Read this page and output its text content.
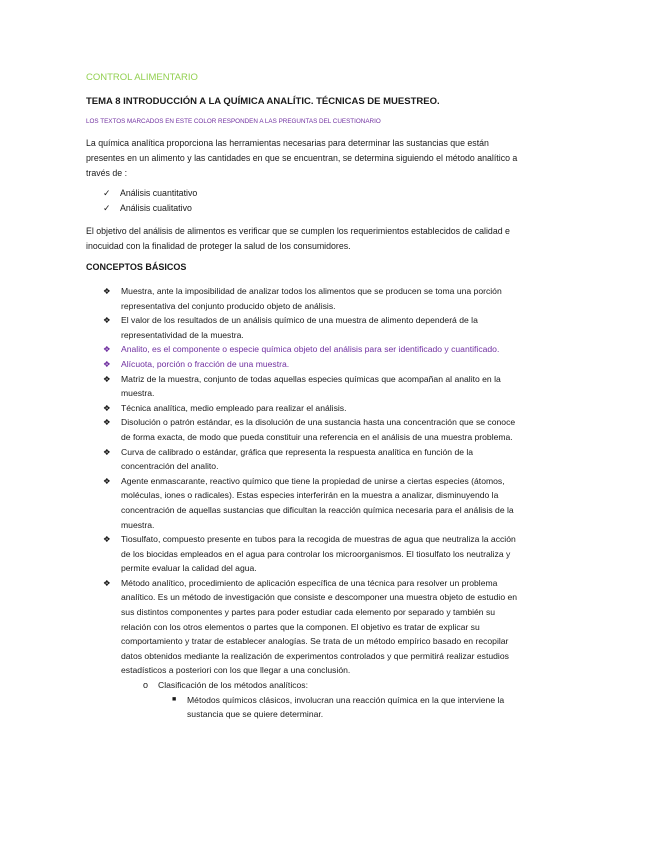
CONTROL ALIMENTARIO
TEMA 8 INTRODUCCIÓN A LA QUÍMICA ANALÍTIC. TÉCNICAS DE MUESTREO.
LOS TEXTOS MARCADOS EN ESTE COLOR RESPONDEN A LAS PREGUNTAS DEL CUESTIONARIO
La química analítica proporciona las herramientas necesarias para determinar las sustancias que están presentes en un alimento y las cantidades en que se encuentran, se determina siguiendo el método analítico a través de :
✓ Análisis cuantitativo
✓ Análisis cualitativo
El objetivo del análisis de alimentos es verificar que se cumplen los requerimientos establecidos de calidad e inocuidad con la finalidad de proteger la salud de los consumidores.
CONCEPTOS BÁSICOS
❖ Muestra, ante la imposibilidad de analizar todos los alimentos que se producen se toma una porción representativa del conjunto producido objeto de análisis.
❖ El valor de los resultados de un análisis químico de una muestra de alimento dependerá de la representatividad de la muestra.
❖ Analito, es el componente o especie química objeto del análisis para ser identificado y cuantificado.
❖ Alícuota, porción o fracción de una muestra.
❖ Matriz de la muestra, conjunto de todas aquellas especies químicas que acompañan al analito en la muestra.
❖ Técnica analítica, medio empleado para realizar el análisis.
❖ Disolución o patrón estándar, es la disolución de una sustancia hasta una concentración que se conoce de forma exacta, de modo que pueda constituir una referencia en el análisis de una muestra problema.
❖ Curva de calibrado o estándar, gráfica que representa la respuesta analítica en función de la concentración del analito.
❖ Agente enmascarante, reactivo químico que tiene la propiedad de unirse a ciertas especies (átomos, moléculas, iones o radicales). Estas especies interferirán en la muestra a analizar, disminuyendo la concentración de aquellas sustancias que dificultan la reacción química necesaria para el análisis de la muestra.
❖ Tiosulfato, compuesto presente en tubos para la recogida de muestras de agua que neutraliza la acción de los biocidas empleados en el agua para controlar los microorganismos. El tiosulfato los neutraliza y permite evaluar la calidad del agua.
❖ Método analítico, procedimiento de aplicación específica de una técnica para resolver un problema analítico. Es un método de investigación que consiste e descomponer una muestra objeto de estudio en sus distintos componentes y partes para poder estudiar cada elemento por separado y también su relación con los otros elementos o partes que la componen. El objetivo es tratar de explicar su comportamiento y tratar de establecer analogías. Se trata de un método empírico basado en recopilar datos obtenidos mediante la realización de experimentos controlados y que permitirá realizar estudios estadísticos a posteriori con los que llegar a una conclusión.
o Clasificación de los métodos analíticos:
■ Métodos químicos clásicos, involucran una reacción química en la que interviene la sustancia que se quiere determinar.
